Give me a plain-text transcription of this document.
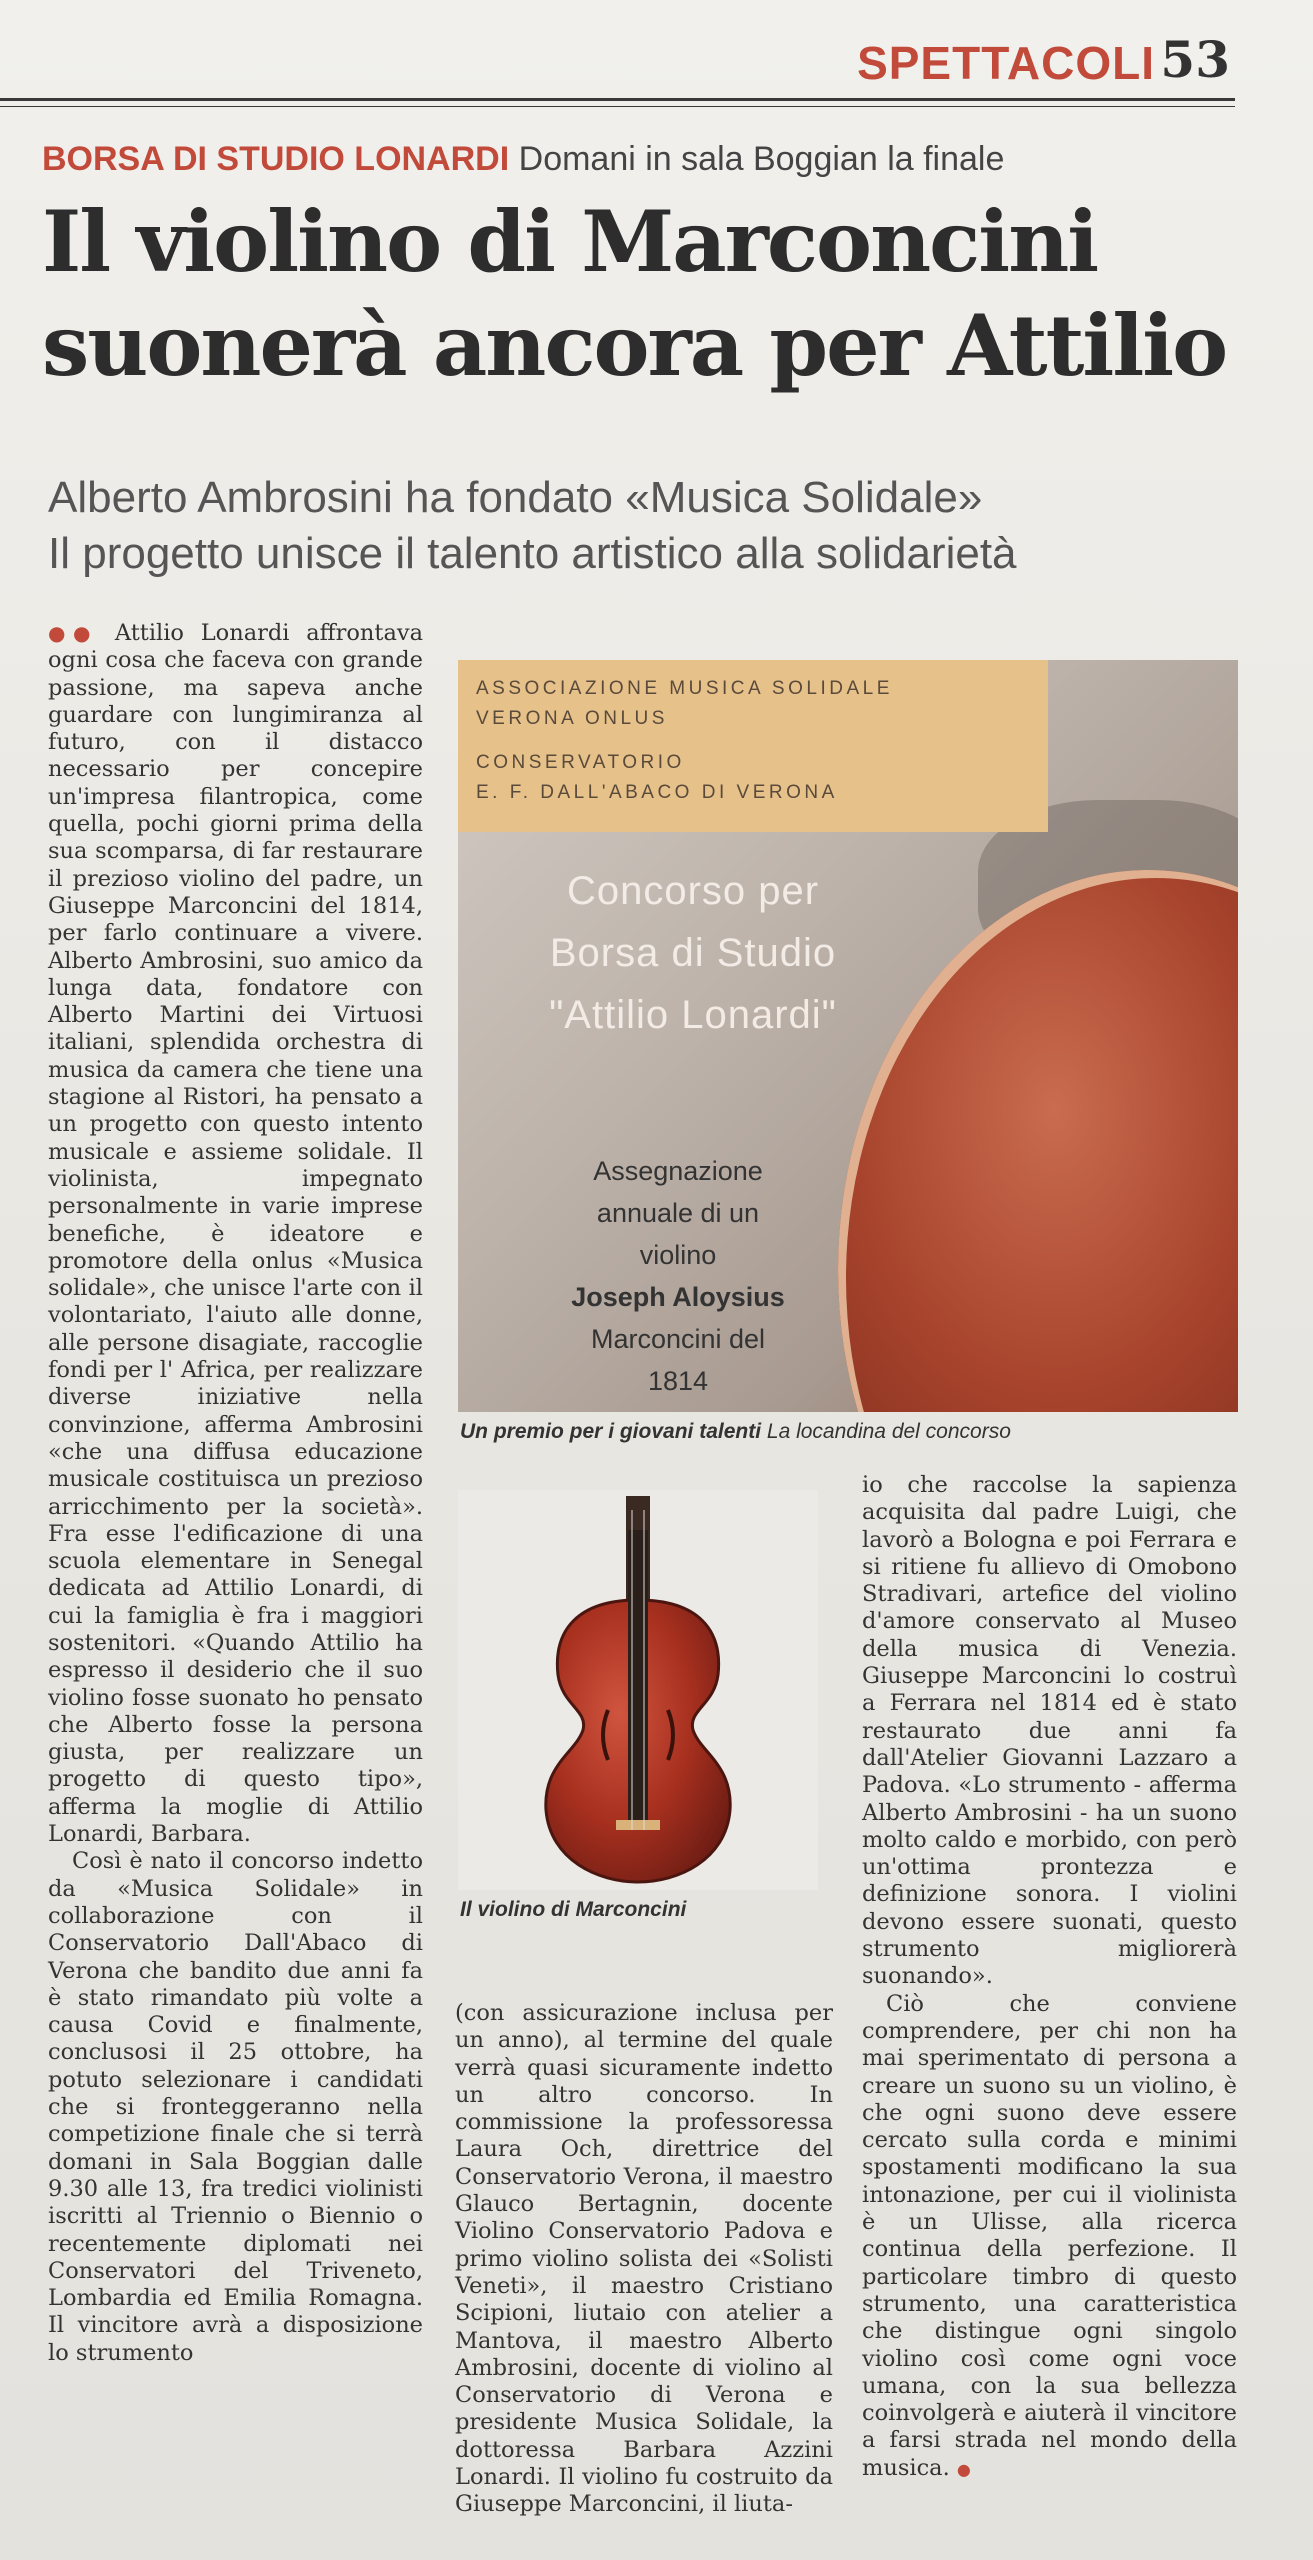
SPETTACOLI 53
BORSA DI STUDIO LONARDI Domani in sala Boggian la finale
Il violino di Marconcini
suonerà ancora per Attilio
Alberto Ambrosini ha fondato «Musica Solidale»
Il progetto unisce il talento artistico alla solidarietà

●● Attilio Lonardi affrontava ogni cosa che faceva con grande passione, ma sapeva anche guardare con lungimiranza al futuro, con il distacco necessario per concepire un'impresa filantropica, come quella, pochi giorni prima della sua scomparsa, di far restaurare il prezioso violino del padre, un Giuseppe Marconcini del 1814, per farlo continuare a vivere. Alberto Ambrosini, suo amico da lunga data, fondatore con Alberto Martini dei Virtuosi italiani, splendida orchestra di musica da camera che tiene una stagione al Ristori, ha pensato a un progetto con questo intento musicale e assieme solidale. Il violinista, impegnato personalmente in varie imprese benefiche, è ideatore e promotore della onlus «Musica solidale», che unisce l'arte con il volontariato, l'aiuto alle donne, alle persone disagiate, raccoglie fondi per l' Africa, per realizzare diverse iniziative nella convinzione, afferma Ambrosini «che una diffusa educazione musicale costituisca un prezioso arricchimento per la società». Fra esse l'edificazione di una scuola elementare in Senegal dedicata ad Attilio Lonardi, di cui la famiglia è fra i maggiori sostenitori. «Quando Attilio ha espresso il desiderio che il suo violino fosse suonato ho pensato che Alberto fosse la persona giusta, per realizzare un progetto di questo tipo», afferma la moglie di Attilio Lonardi, Barbara.

Così è nato il concorso indetto da «Musica Solidale» in collaborazione con il Conservatorio Dall'Abaco di Verona che bandito due anni fa è stato rimandato più volte a causa Covid e finalmente, conclusosi il 25 ottobre, ha potuto selezionare i candidati che si fronteggeranno nella competizione finale che si terrà domani in Sala Boggian dalle 9.30 alle 13, fra tredici violinisti iscritti al Triennio o Biennio o recentemente diplomati nei Conservatori del Triveneto, Lombardia ed Emilia Romagna. Il vincitore avrà a disposizione lo strumento

ASSOCIAZIONE MUSICA SOLIDALE
VERONA ONLUS
CONSERVATORIO
E. F. DALL'ABACO DI VERONA
Concorso per
Borsa di Studio
"Attilio Lonardi"
Assegnazione
annuale di un
violino
Joseph Aloysius
Marconcini del
1814
Un premio per i giovani talenti La locandina del concorso
Il violino di Marconcini

(con assicurazione inclusa per un anno), al termine del quale verrà quasi sicuramente indetto un altro concorso. In commissione la professoressa Laura Och, direttrice del Conservatorio Verona, il maestro Glauco Bertagnin, docente Violino Conservatorio Padova e primo violino solista dei «Solisti Veneti», il maestro Cristiano Scipioni, liutaio con atelier a Mantova, il maestro Alberto Ambrosini, docente di violino al Conservatorio di Verona e presidente Musica Solidale, la dottoressa Barbara Azzini Lonardi. Il violino fu costruito da Giuseppe Marconcini, il liuta-

io che raccolse la sapienza acquisita dal padre Luigi, che lavorò a Bologna e poi Ferrara e si ritiene fu allievo di Omobono Stradivari, artefice del violino d'amore conservato al Museo della musica di Venezia. Giuseppe Marconcini lo costruì a Ferrara nel 1814 ed è stato restaurato due anni fa dall'Atelier Giovanni Lazzaro a Padova. «Lo strumento - afferma Alberto Ambrosini - ha un suono molto caldo e morbido, con però un'ottima prontezza e definizione sonora. I violini devono essere suonati, questo strumento migliorerà suonando».

Ciò che conviene comprendere, per chi non ha mai sperimentato di persona a creare un suono su un violino, è che ogni suono deve essere cercato sulla corda e minimi spostamenti modificano la sua intonazione, per cui il violinista è un Ulisse, alla ricerca continua della perfezione. Il particolare timbro di questo strumento, una caratteristica che distingue ogni singolo violino così come ogni voce umana, con la sua bellezza coinvolgerà e aiuterà il vincitore a farsi strada nel mondo della musica. ●
